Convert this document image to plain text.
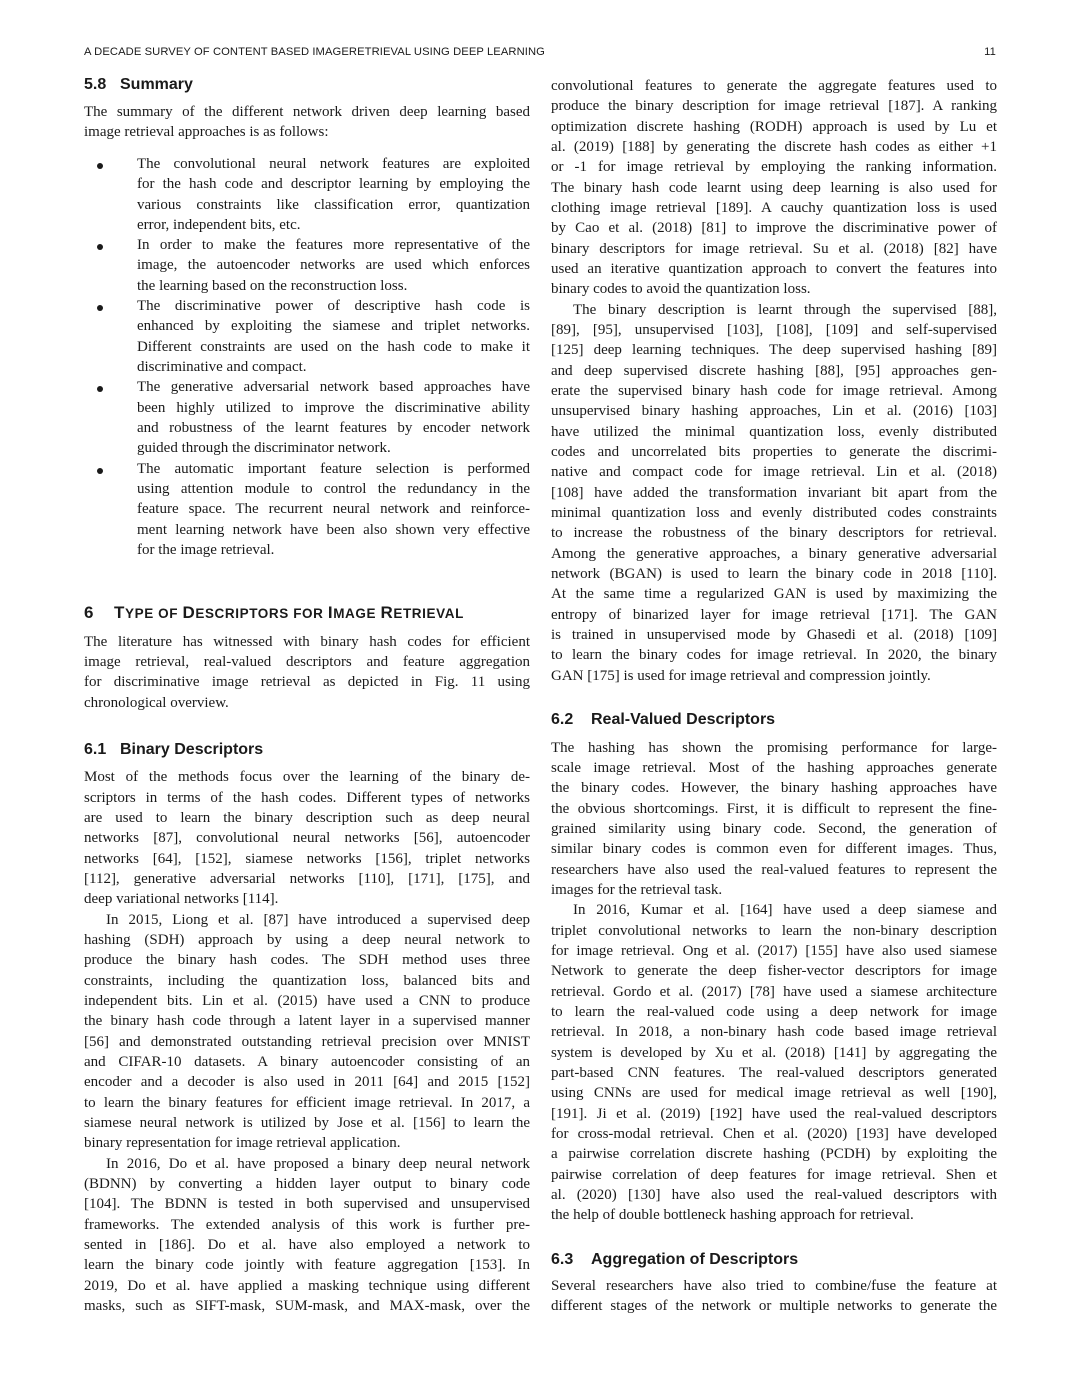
A DECADE SURVEY OF CONTENT BASED IMAGERETRIEVAL USING DEEP LEARNING	11
5.8 Summary
The summary of the different network driven deep learning based
image retrieval approaches is as follows:
The convolutional neural network features are exploited
for the hash code and descriptor learning by employing the
various constraints like classification error, quantization
error, independent bits, etc.
In order to make the features more representative of the
image, the autoencoder networks are used which enforces
the learning based on the reconstruction loss.
The discriminative power of descriptive hash code is
enhanced by exploiting the siamese and triplet networks.
Different constraints are used on the hash code to make it
discriminative and compact.
The generative adversarial network based approaches have
been highly utilized to improve the discriminative ability
and robustness of the learnt features by encoder network
guided through the discriminator network.
The automatic important feature selection is performed
using attention module to control the redundancy in the
feature space. The recurrent neural network and reinforce-
ment learning network have been also shown very effective
for the image retrieval.
6 TYPE OF DESCRIPTORS FOR IMAGE RETRIEVAL
The literature has witnessed with binary hash codes for efficient
image retrieval, real-valued descriptors and feature aggregation
for discriminative image retrieval as depicted in Fig. 11 using
chronological overview.
6.1 Binary Descriptors
Most of the methods focus over the learning of the binary de-
scriptors in terms of the hash codes. Different types of networks
are used to learn the binary description such as deep neural
networks [87], convolutional neural networks [56], autoencoder
networks [64], [152], siamese networks [156], triplet networks
[112], generative adversarial networks [110], [171], [175], and
deep variational networks [114].
In 2015, Liong et al. [87] have introduced a supervised deep
hashing (SDH) approach by using a deep neural network to
produce the binary hash codes. The SDH method uses three
constraints, including the quantization loss, balanced bits and
independent bits. Lin et al. (2015) have used a CNN to produce
the binary hash code through a latent layer in a supervised manner
[56] and demonstrated outstanding retrieval precision over MNIST
and CIFAR-10 datasets. A binary autoencoder consisting of an
encoder and a decoder is also used in 2011 [64] and 2015 [152]
to learn the binary features for efficient image retrieval. In 2017, a
siamese neural network is utilized by Jose et al. [156] to learn the
binary representation for image retrieval application.
In 2016, Do et al. have proposed a binary deep neural network
(BDNN) by converting a hidden layer output to binary code
[104]. The BDNN is tested in both supervised and unsupervised
frameworks. The extended analysis of this work is further pre-
sented in [186]. Do et al. have also employed a network to
learn the binary code jointly with feature aggregation [153]. In
2019, Do et al. have applied a masking technique using different
masks, such as SIFT-mask, SUM-mask, and MAX-mask, over the
convolutional features to generate the aggregate features used to
produce the binary description for image retrieval [187]. A ranking
optimization discrete hashing (RODH) approach is used by Lu et
al. (2019) [188] by generating the discrete hash codes as either +1
or -1 for image retrieval by employing the ranking information.
The binary hash code learnt using deep learning is also used for
clothing image retrieval [189]. A cauchy quantization loss is used
by Cao et al. (2018) [81] to improve the discriminative power of
binary descriptors for image retrieval. Su et al. (2018) [82] have
used an iterative quantization approach to convert the features into
binary codes to avoid the quantization loss.
The binary description is learnt through the supervised [88],
[89], [95], unsupervised [103], [108], [109] and self-supervised
[125] deep learning techniques. The deep supervised hashing [89]
and deep supervised discrete hashing [88], [95] approaches gen-
erate the supervised binary hash code for image retrieval. Among
unsupervised binary hashing approaches, Lin et al. (2016) [103]
have utilized the minimal quantization loss, evenly distributed
codes and uncorrelated bits properties to generate the discrimi-
native and compact code for image retrieval. Lin et al. (2018)
[108] have added the transformation invariant bit apart from the
minimal quantization loss and evenly distributed codes constraints
to increase the robustness of the binary descriptors for retrieval.
Among the generative approaches, a binary generative adversarial
network (BGAN) is used to learn the binary code in 2018 [110].
At the same time a regularized GAN is used by maximizing the
entropy of binarized layer for image retrieval [171]. The GAN
is trained in unsupervised mode by Ghasedi et al. (2018) [109]
to learn the binary codes for image retrieval. In 2020, the binary
GAN [175] is used for image retrieval and compression jointly.
6.2 Real-Valued Descriptors
The hashing has shown the promising performance for large-
scale image retrieval. Most of the hashing approaches generate
the binary codes. However, the binary hashing approaches have
the obvious shortcomings. First, it is difficult to represent the fine-
grained similarity using binary code. Second, the generation of
similar binary codes is common even for different images. Thus,
researchers have also used the real-valued features to represent the
images for the retrieval task.
In 2016, Kumar et al. [164] have used a deep siamese and
triplet convolutional networks to learn the non-binary description
for image retrieval. Ong et al. (2017) [155] have also used siamese
Network to generate the deep fisher-vector descriptors for image
retrieval. Gordo et al. (2017) [78] have used a siamese architecture
to learn the real-valued code using a deep network for image
retrieval. In 2018, a non-binary hash code based image retrieval
system is developed by Xu et al. (2018) [141] by aggregating the
part-based CNN features. The real-valued descriptors generated
using CNNs are used for medical image retrieval as well [190],
[191]. Ji et al. (2019) [192] have used the real-valued descriptors
for cross-modal retrieval. Chen et al. (2020) [193] have developed
a pairwise correlation discrete hashing (PCDH) by exploiting the
pairwise correlation of deep features for image retrieval. Shen et
al. (2020) [130] have also used the real-valued descriptors with
the help of double bottleneck hashing approach for retrieval.
6.3 Aggregation of Descriptors
Several researchers have also tried to combine/fuse the feature at
different stages of the network or multiple networks to generate the
